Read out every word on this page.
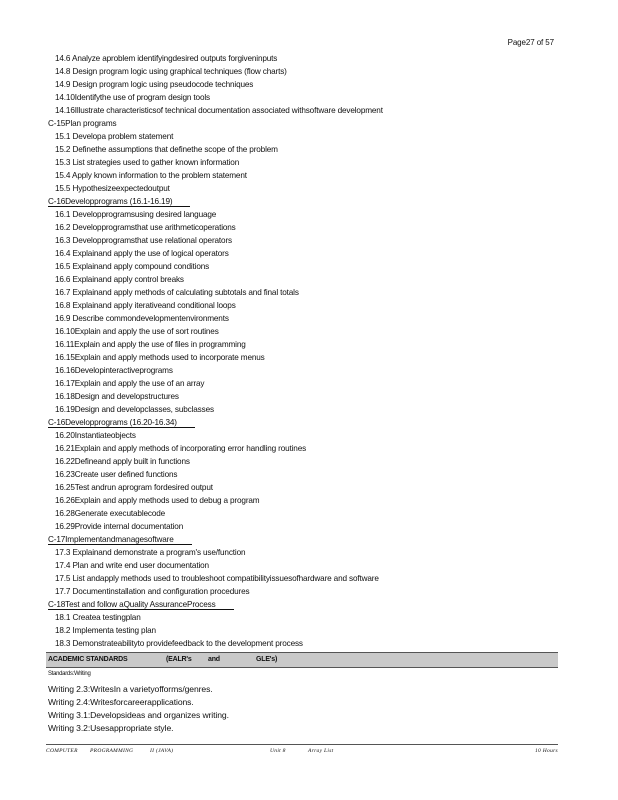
Page27 of 57
14.6 Analyze aproblem identifyingdesired outputs forgiveninputs
14.8 Design program logic using graphical techniques (flow charts)
14.9 Design program logic using pseudocode techniques
14.10Identifythe use of program design tools
14.16Illustrate characteristicsof technical documentation associated withsoftware development
C-15Plan programs
15.1 Developa problem statement
15.2 Definethe assumptions that definethe scope of the problem
15.3 List strategies used to gather known information
15.4 Apply known information to the problem statement
15.5 Hypothesizeexpectedoutput
C-16Developprograms (16.1-16.19)
16.1 Developprogramsusing desired language
16.2 Developprogramsthat use arithmeticoperations
16.3 Developprogramsthat use relational operators
16.4 Explainand apply the use of logical operators
16.5 Explainand apply compound conditions
16.6 Explainand apply control breaks
16.7 Explainand apply methods of calculating subtotals and final totals
16.8 Explainand apply iterativeand conditional loops
16.9 Describe commondevelopmentenvironments
16.10Explain and apply the use of sort routines
16.11Explain and apply the use of files in programming
16.15Explain and apply methods used to incorporate menus
16.16Developinteractiveprograms
16.17Explain and apply the use of an array
16.18Design and developstructures
16.19Design and developclasses, subclasses
C-16Developprograms (16.20-16.34)
16.20Instantiateobjects
16.21Explain and apply methods of incorporating error handling routines
16.22Defineand apply built in functions
16.23Create user defined functions
16.25Test andrun aprogram fordesired output
16.26Explain and apply methods used to debug a program
16.28Generate executablecode
16.29Provide internal documentation
C-17Implementandmanagesoftware
17.3 Explainand demonstrate a program's use/function
17.4 Plan and write end user documentation
17.5 List andapply methods used to troubleshoot compatibilityissuesofhardware and software
17.7 Documentinstallation and configuration procedures
C-18Test and follow aQuality AssuranceProcess
18.1 Createa testingplan
18.2 Implementa testing plan
18.3 Demonstrateabilityto providefeedback to the development process
ACADEMIC STANDARDS	(EALR's and	GLE's)
Standards:Writing
Writing 2.3:WritesIn a varietyofforms/genres.
Writing 2.4:Writesforcareerapplications.
Writing 3.1:Developsideas and organizes writing.
Writing 3.2:Usesappropriate style.
COMPUTER PROGRAMMING	II (JAVA)	Unit 8	Array List	10 Hours
